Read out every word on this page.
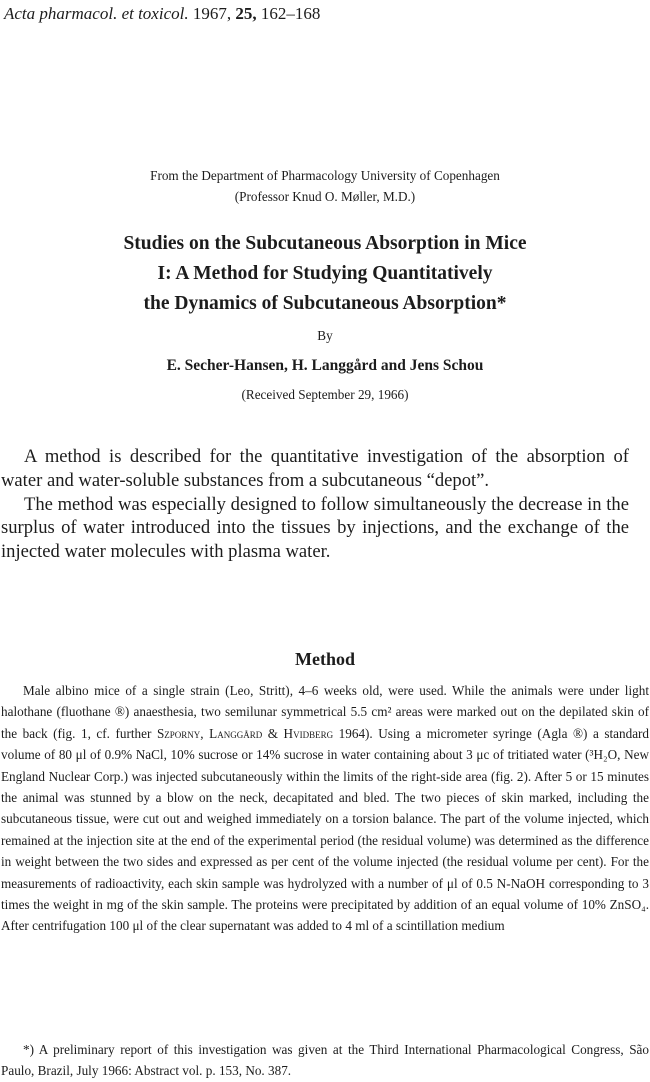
Acta pharmacol. et toxicol. 1967, 25, 162–168
From the Department of Pharmacology University of Copenhagen
(Professor Knud O. Møller, M.D.)
Studies on the Subcutaneous Absorption in Mice
I: A Method for Studying Quantitatively
the Dynamics of Subcutaneous Absorption*
By
E. Secher-Hansen, H. Langgård and Jens Schou
(Received September 29, 1966)

A method is described for the quantitative investigation of the absorption of water and water-soluble substances from a subcutaneous “depot”.

The method was especially designed to follow simultaneously the decrease in the surplus of water introduced into the tissues by injections, and the exchange of the injected water molecules with plasma water.

Method

Male albino mice of a single strain (Leo, Stritt), 4–6 weeks old, were used. While the animals were under light halothane (fluothane ®) anaesthesia, two semilunar symmetrical 5.5 cm² areas were marked out on the depilated skin of the back (fig. 1, cf. further Szporny, Langgård & Hvidberg 1964). Using a micrometer syringe (Agla ®) a standard volume of 80 μl of 0.9% NaCl, 10% sucrose or 14% sucrose in water containing about 3 μc of tritiated water (³H₂O, New England Nuclear Corp.) was injected subcutaneously within the limits of the right-side area (fig. 2). After 5 or 15 minutes the animal was stunned by a blow on the neck, decapitated and bled. The two pieces of skin marked, including the subcutaneous tissue, were cut out and weighed immediately on a torsion balance. The part of the volume injected, which remained at the injection site at the end of the experimental period (the residual volume) was determined as the difference in weight between the two sides and expressed as per cent of the volume injected (the residual volume per cent). For the measurements of radioactivity, each skin sample was hydrolyzed with a number of μl of 0.5 N-NaOH corresponding to 3 times the weight in mg of the skin sample. The proteins were precipitated by addition of an equal volume of 10% ZnSO₄. After centrifugation 100 μl of the clear supernatant was added to 4 ml of a scintillation medium

*) A preliminary report of this investigation was given at the Third International Pharmacological Congress, São Paulo, Brazil, July 1966: Abstract vol. p. 153, No. 387.
